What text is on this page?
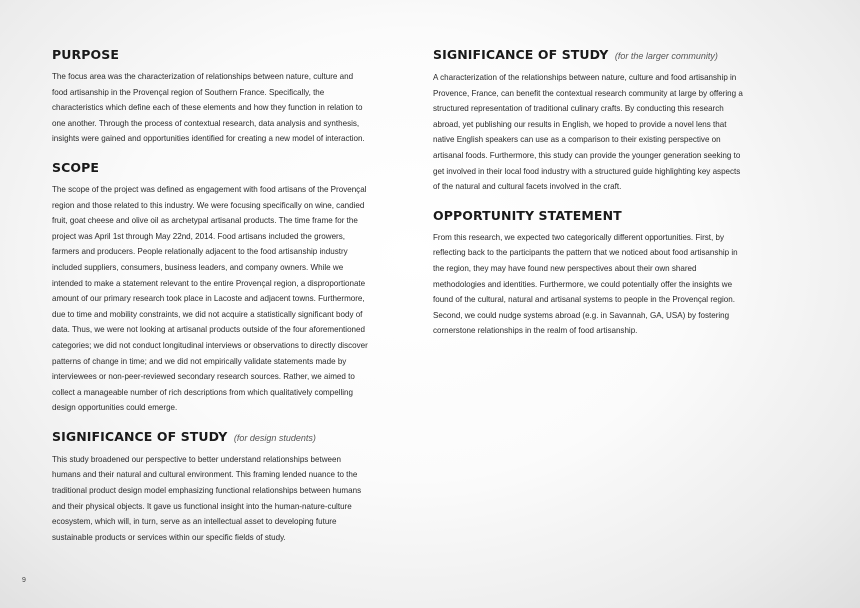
PURPOSE

The focus area was the characterization of relationships between nature, culture and food artisanship in the Provençal region of Southern France. Specifically, the characteristics which define each of these elements and how they function in relation to one another. Through the process of contextual research, data analysis and synthesis, insights were gained and opportunities identified for creating a new model of interaction.

SCOPE

The scope of the project was defined as engagement with food artisans of the Provençal region and those related to this industry. We were focusing specifically on wine, candied fruit, goat cheese and olive oil as archetypal artisanal products. The time frame for the project was April 1st through May 22nd, 2014. Food artisans included the growers, farmers and producers. People relationally adjacent to the food artisanship industry included suppliers, consumers, business leaders, and company owners. While we intended to make a statement relevant to the entire Provençal region, a disproportionate amount of our primary research took place in Lacoste and adjacent towns. Furthermore, due to time and mobility constraints, we did not acquire a statistically significant body of data. Thus, we were not looking at artisanal products outside of the four aforementioned categories; we did not conduct longitudinal interviews or observations to directly discover patterns of change in time; and we did not empirically validate statements made by interviewees or non-peer-reviewed secondary research sources. Rather, we aimed to collect a manageable number of rich descriptions from which qualitatively compelling design opportunities could emerge.

SIGNIFICANCE OF STUDY (for design students)

This study broadened our perspective to better understand relationships between humans and their natural and cultural environment. This framing lended nuance to the traditional product design model emphasizing functional relationships between humans and their physical objects. It gave us functional insight into the human-nature-culture ecosystem, which will, in turn, serve as an intellectual asset to developing future sustainable products or services within our specific fields of study.

SIGNIFICANCE OF STUDY (for the larger community)

A characterization of the relationships between nature, culture and food artisanship in Provence, France, can benefit the contextual research community at large by offering a structured representation of traditional culinary crafts. By conducting this research abroad, yet publishing our results in English, we hoped to provide a novel lens that native English speakers can use as a comparison to their existing perspective on artisanal foods. Furthermore, this study can provide the younger generation seeking to get involved in their local food industry with a structured guide highlighting key aspects of the natural and cultural facets involved in the craft.

OPPORTUNITY STATEMENT

From this research, we expected two categorically different opportunities. First, by reflecting back to the participants the pattern that we noticed about food artisanship in the region, they may have found new perspectives about their own shared methodologies and identities. Furthermore, we could potentially offer the insights we found of the cultural, natural and artisanal systems to people in the Provençal region. Second, we could nudge systems abroad (e.g. in Savannah, GA, USA) by fostering cornerstone relationships in the realm of food artisanship.

9
